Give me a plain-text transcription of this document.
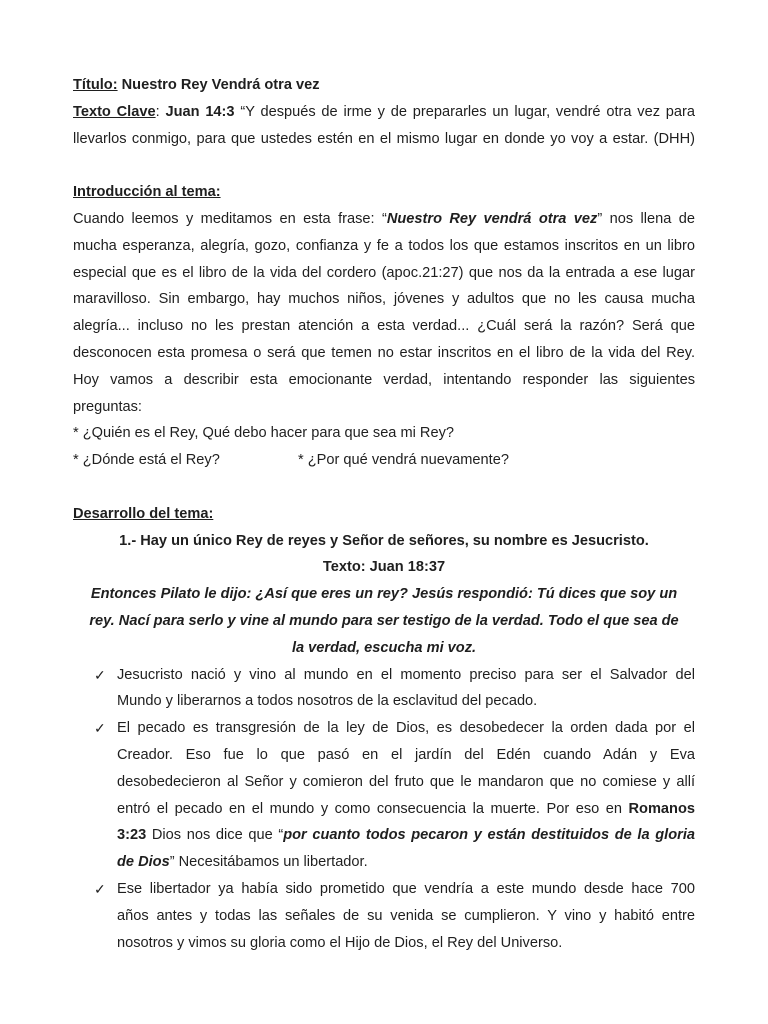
Título: Nuestro Rey Vendrá otra vez
Texto Clave: Juan 14:3 “Y después de irme y de prepararles un lugar, vendré otra vez para
llevarlos conmigo, para que ustedes estén en el mismo lugar en donde yo voy a estar. (DHH)
Introducción al tema:
Cuando leemos y meditamos en esta frase: “Nuestro Rey vendrá otra vez” nos llena de
mucha esperanza, alegría, gozo, confianza y fe a todos los que estamos inscritos en un libro
especial que es el libro de la vida del cordero (apoc.21:27) que nos da la entrada a ese lugar
maravilloso. Sin embargo, hay muchos niños, jóvenes y adultos que no les causa mucha
alegría... incluso no les prestan atención a esta verdad... ¿Cuál será la razón? Será que
desconocen esta promesa o será que temen no estar inscritos en el libro de la vida del Rey.
Hoy vamos a describir esta emocionante verdad, intentando responder las siguientes
preguntas:
* ¿Quién es el Rey, Qué debo hacer para que sea mi Rey?
* ¿Dónde está el Rey?	* ¿Por qué vendrá nuevamente?
Desarrollo del tema:
1.- Hay un único Rey de reyes y Señor de señores, su nombre es Jesucristo.
Texto: Juan 18:37
Entonces Pilato le dijo: ¿Así que eres un rey? Jesús respondió: Tú dices que soy un
rey. Nací para serlo y vine al mundo para ser testigo de la verdad. Todo el que sea de
la verdad, escucha mi voz.
✓ Jesucristo nació y vino al mundo en el momento preciso para ser el Salvador del
Mundo y liberarnos a todos nosotros de la esclavitud del pecado.
✓ El pecado es transgresión de la ley de Dios, es desobedecer la orden dada por el
Creador. Eso fue lo que pasó en el jardín del Edén cuando Adán y Eva
desobedecieron al Señor y comieron del fruto que le mandaron que no comiese y allí
entró el pecado en el mundo y como consecuencia la muerte. Por eso en Romanos
3:23 Dios nos dice que “por cuanto todos pecaron y están destituidos de la gloria
de Dios” Necesitábamos un libertador.
✓ Ese libertador ya había sido prometido que vendría a este mundo desde hace 700
años antes y todas las señales de su venida se cumplieron. Y vino y habitó entre
nosotros y vimos su gloria como el Hijo de Dios, el Rey del Universo.
